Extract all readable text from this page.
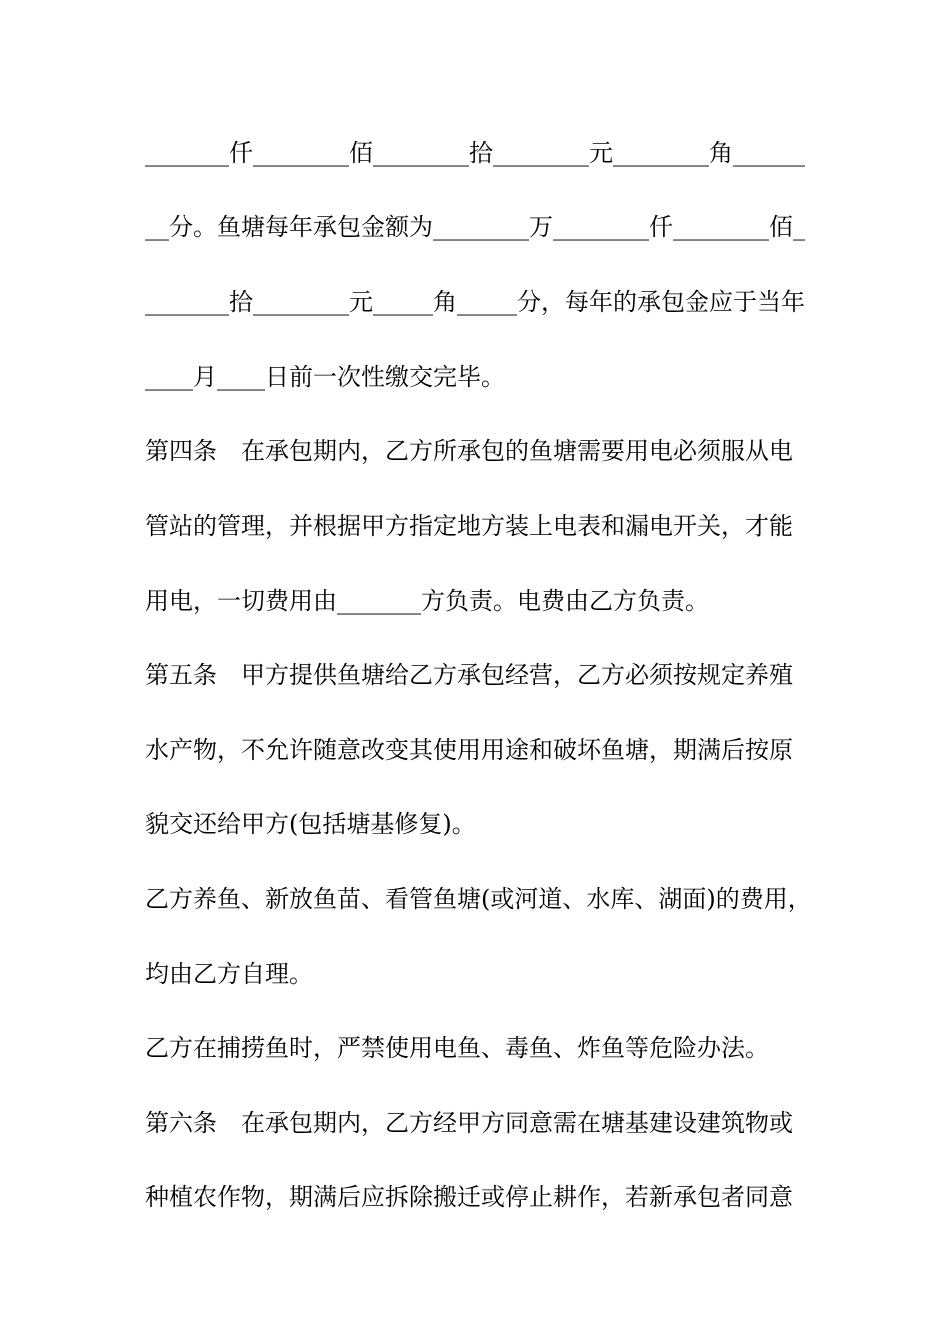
_______仟________佰________拾________元________角______
__分。鱼塘每年承包金额为________万________仟________佰_
_______拾________元_____角_____分，每年的承包金应于当年
____月____日前一次性缴交完毕。
第四条　在承包期内，乙方所承包的鱼塘需要用电必须服从电
管站的管理，并根据甲方指定地方装上电表和漏电开关，才能
用电，一切费用由_______方负责。电费由乙方负责。
第五条　甲方提供鱼塘给乙方承包经营，乙方必须按规定养殖
水产物，不允许随意改变其使用用途和破坏鱼塘，期满后按原
貌交还给甲方(包括塘基修复)。
乙方养鱼、新放鱼苗、看管鱼塘(或河道、水库、湖面)的费用，
均由乙方自理。
乙方在捕捞鱼时，严禁使用电鱼、毒鱼、炸鱼等危险办法。
第六条　在承包期内，乙方经甲方同意需在塘基建设建筑物或
种植农作物，期满后应拆除搬迁或停止耕作，若新承包者同意
